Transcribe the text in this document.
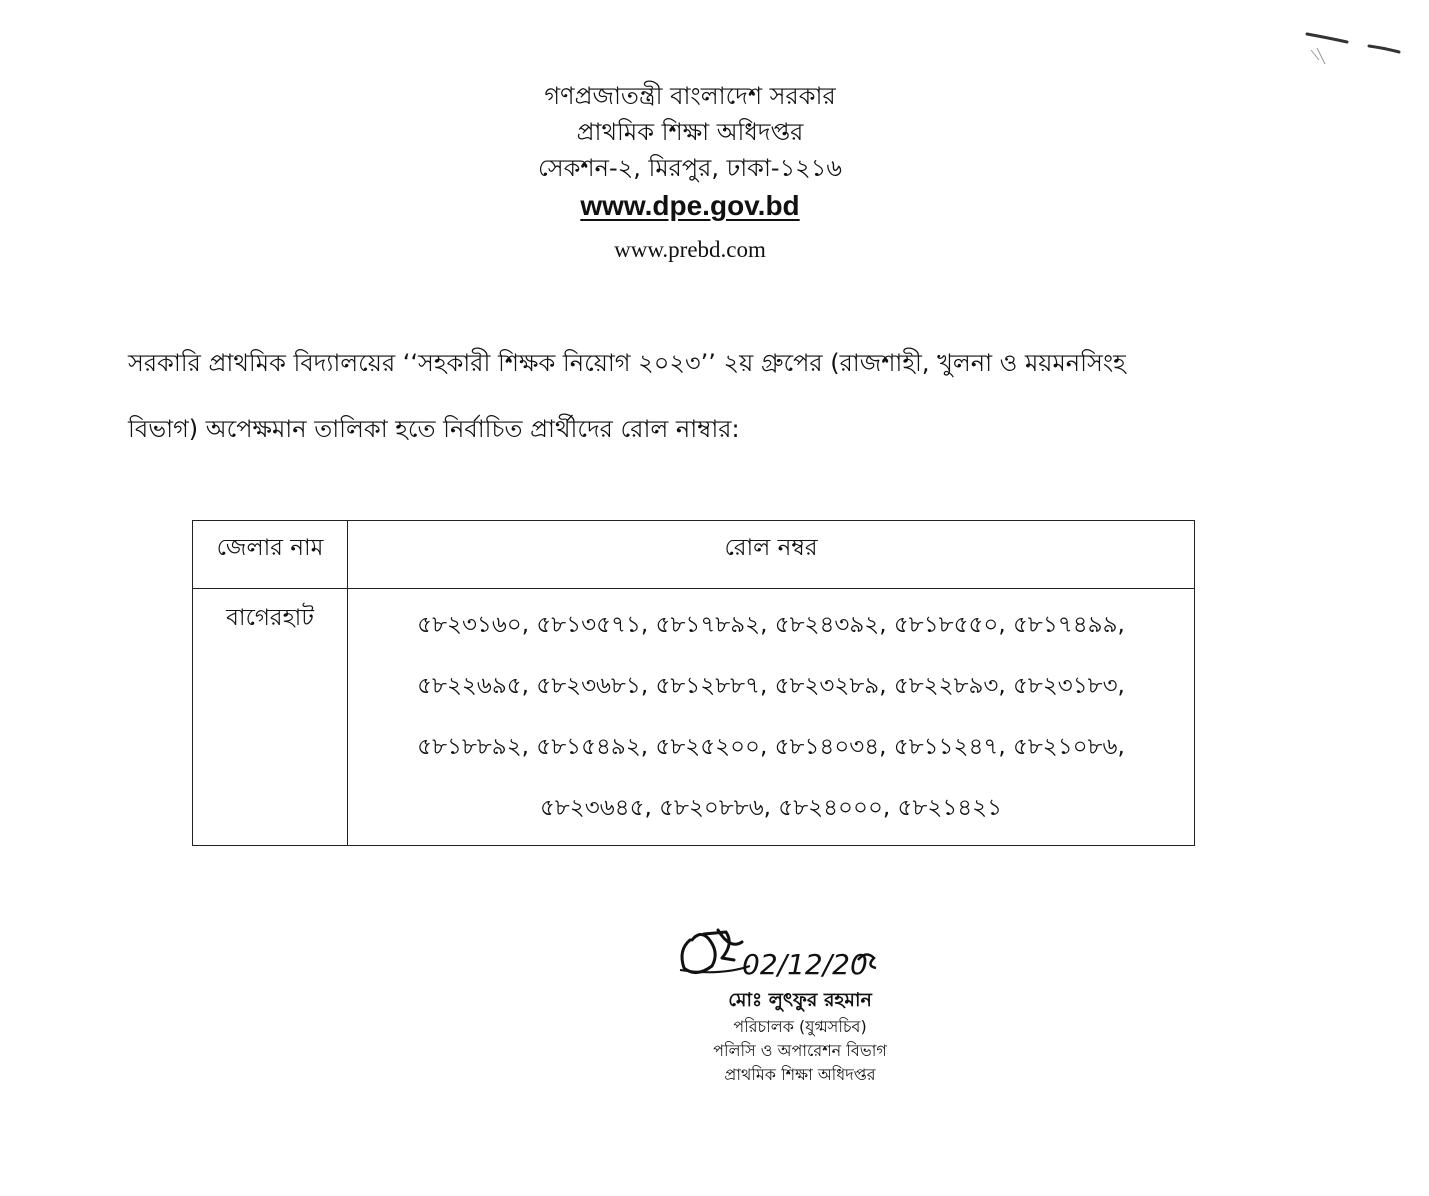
গণপ্রজাতন্ত্রী বাংলাদেশ সরকার
প্রাথমিক শিক্ষা অধিদপ্তর
সেকশন-২, মিরপুর, ঢাকা-১২১৬
www.dpe.gov.bd
www.prebd.com
সরকারি প্রাথমিক বিদ্যালয়ের ‘‘সহকারী শিক্ষক নিয়োগ ২০২৩’’ ২য় গ্রুপের (রাজশাহী, খুলনা ও ময়মনসিংহ
বিভাগ) অপেক্ষমান তালিকা হতে নির্বাচিত প্রার্থীদের রোল নাম্বার:
জেলার নাম	রোল নম্বর
বাগেরহাট	৫৮২৩১৬০, ৫৮১৩৫৭১, ৫৮১৭৮৯২, ৫৮২৪৩৯২, ৫৮১৮৫৫০, ৫৮১৭৪৯৯,
৫৮২২৬৯৫, ৫৮২৩৬৮১, ৫৮১২৮৮৭, ৫৮২৩২৮৯, ৫৮২২৮৯৩, ৫৮২৩১৮৩,
৫৮১৮৮৯২, ৫৮১৫৪৯২, ৫৮২৫২০০, ৫৮১৪০৩৪, ৫৮১১২৪৭, ৫৮২১০৮৬,
৫৮২৩৬৪৫, ৫৮২০৮৮৬, ৫৮২৪০০০, ৫৮২১৪২১
02/12/20
মোঃ লুৎফুর রহমান
পরিচালক (যুগ্মসচিব)
পলিসি ও অপারেশন বিভাগ
প্রাথমিক শিক্ষা অধিদপ্তর
